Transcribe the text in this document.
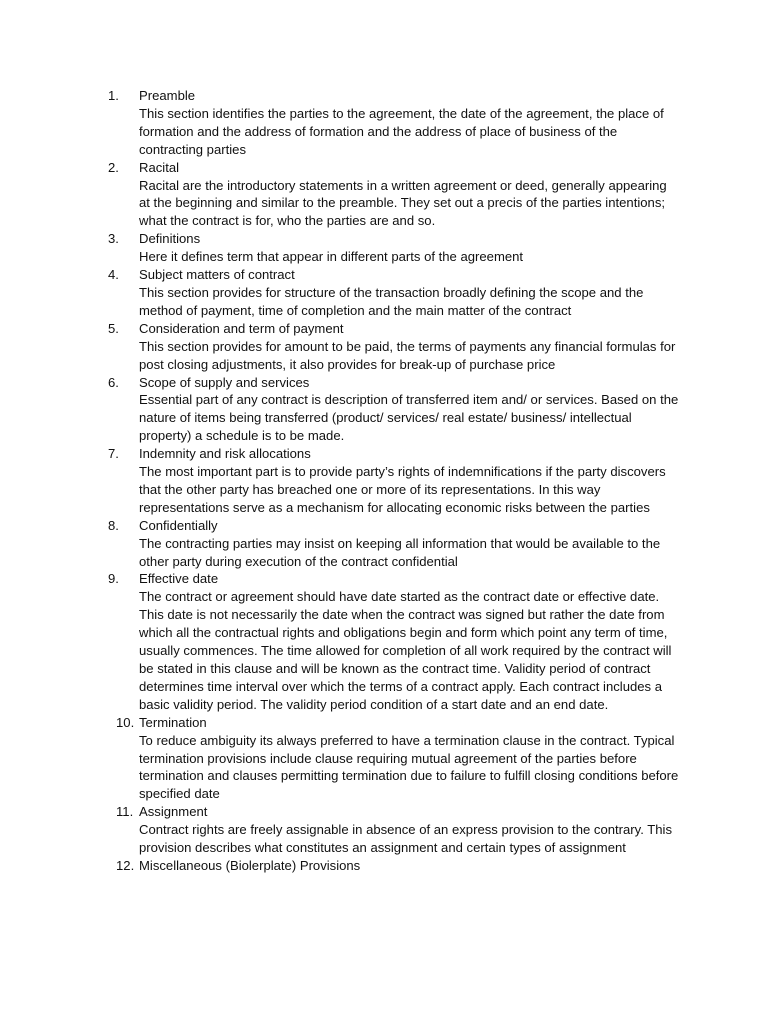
1.	Preamble
This section identifies the parties to the agreement, the date of the agreement, the place of formation and the address of formation and the address of place of business of the contracting parties
2.	Racital
Racital are the introductory statements in a written agreement or deed, generally appearing at the beginning and similar to the preamble. They set out a precis of the parties intentions; what the contract is for, who the parties are and so.
3.	Definitions
Here it defines term that appear in different parts of the agreement
4.	Subject matters of contract
This section provides for structure of the transaction broadly defining the scope and the method of payment, time of completion and the main matter of the contract
5.	Consideration and term of payment
This section provides for amount to be paid, the terms of payments any financial formulas for post closing adjustments, it also provides for break-up of purchase price
6.	Scope of supply and services
Essential part of any contract is description of transferred item and/ or services. Based on the nature of items being transferred (product/ services/ real estate/ business/ intellectual property) a schedule is to be made.
7.	Indemnity and risk allocations
The most important part is to provide party’s rights of indemnifications if the party discovers that the other party has breached one or more of its representations. In this way representations serve as a mechanism for allocating economic risks between the parties
8.	Confidentially
The contracting parties may insist on keeping all information that would be available to the other party during execution of the contract confidential
9.	Effective date
The contract or agreement should have date started as the contract date or effective date. This date is not necessarily the date when the contract was signed but rather the date from which all the contractual rights and obligations begin and form which point any term of time, usually commences. The time allowed for completion of all work required by the contract will be stated in this clause and will be known as the contract time. Validity period of contract determines time interval over which the terms of a contract apply. Each contract includes a basic validity period. The validity period condition of a start date and an end date.
10. Termination
To reduce ambiguity its always preferred to have a termination clause in the contract. Typical termination provisions include clause requiring mutual agreement of the parties before termination and clauses permitting termination due to failure to fulfill closing conditions before specified date
11. Assignment
Contract rights are freely assignable in absence of an express provision to the contrary. This provision describes what constitutes an assignment and certain types of assignment
12. Miscellaneous (Biolerplate) Provisions
